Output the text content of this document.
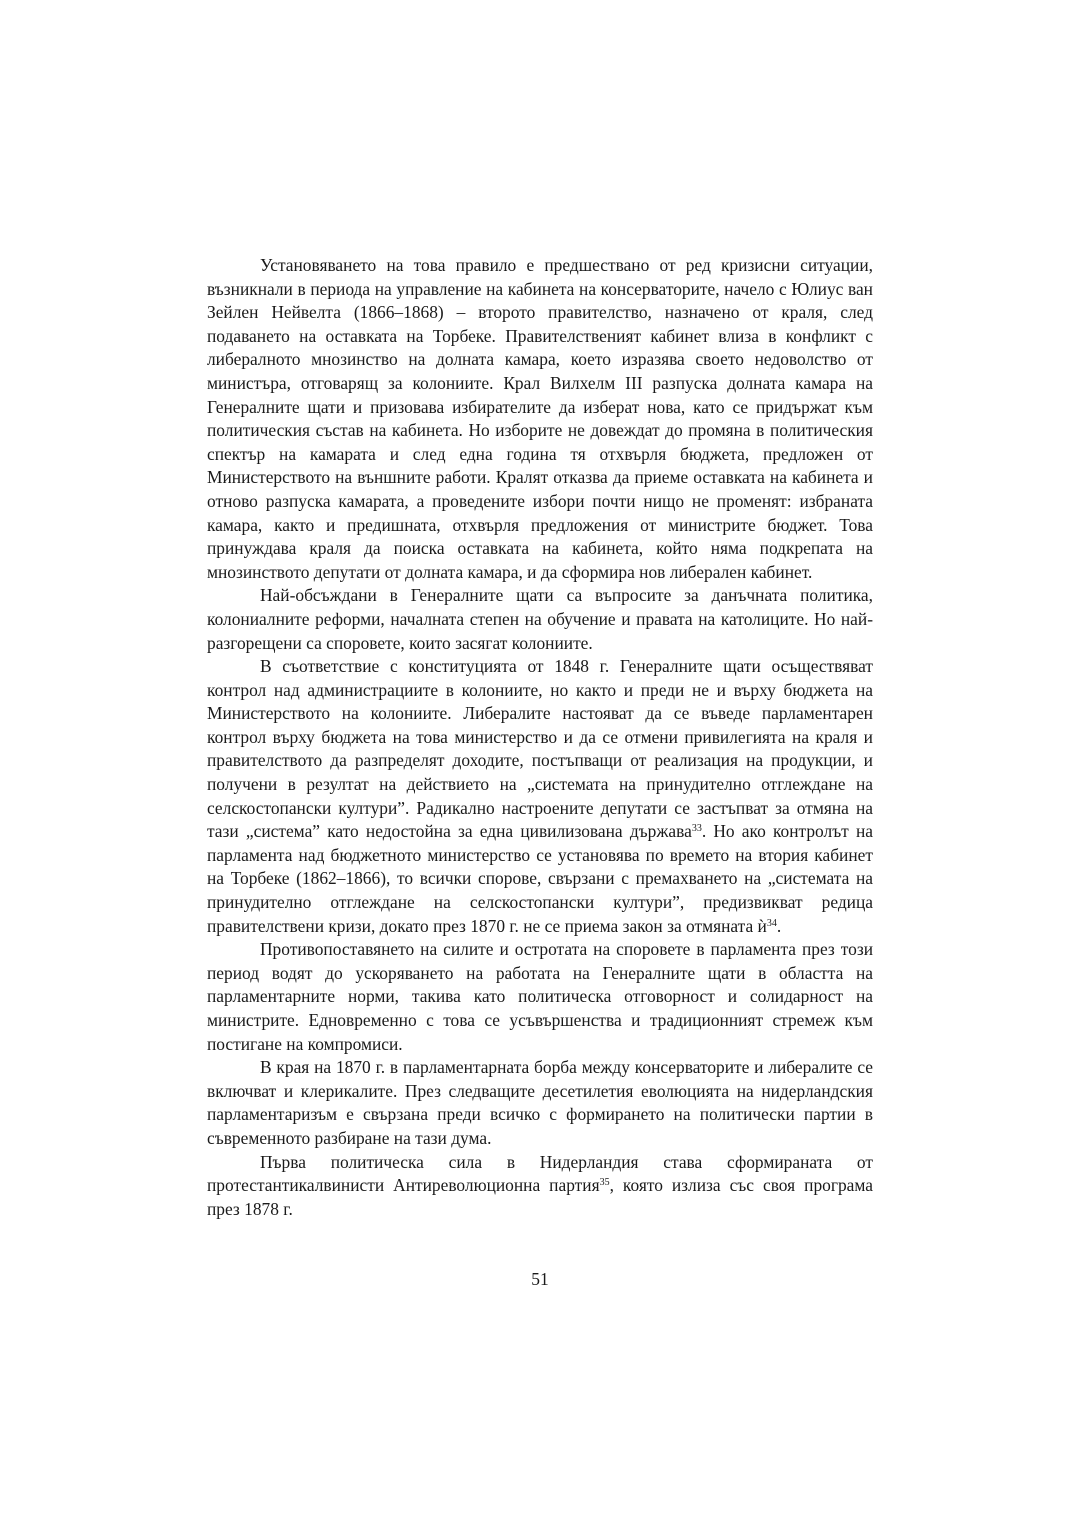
Установяването на това правило е предшествано от ред кризисни ситуации, възникнали в периода на управление на кабинета на консерваторите, начело с Юлиус ван Зейлен Нейвелта (1866–1868) – второто правителство, назначено от краля, след подаването на оставката на Торбеке. Правителственият кабинет влиза в конфликт с либералното мнозинство на долната камара, което изразява своето недоволство от министъра, отговарящ за колониите. Крал Вилхелм III разпуска долната камара на Генералните щати и призовава избирателите да изберат нова, като се придържат към политическия състав на кабинета. Но изборите не довеждат до промяна в политическия спектър на камарата и след една година тя отхвърля бюджета, предложен от Министерството на външните работи. Кралят отказва да приеме оставката на кабинета и отново разпуска камарата, а проведените избори почти нищо не променят: избраната камара, както и предишната, отхвърля предложения от министрите бюджет. Това принуждава краля да поиска оставката на кабинета, който няма подкрепата на мнозинството депутати от долната камара, и да сформира нов либерален кабинет.

Най-обсъждани в Генералните щати са въпросите за данъчната политика, колониалните реформи, началната степен на обучение и правата на католиците. Но най-разгорещени са споровете, които засягат колониите.

В съответствие с конституцията от 1848 г. Генералните щати осъществяват контрол над администрациите в колониите, но както и преди не и върху бюджета на Министерството на колониите. Либералите настояват да се въведе парламентарен контрол върху бюджета на това министерство и да се отмени привилегията на краля и правителството да разпределят доходите, постъпващи от реализация на продукции, и получени в резултат на действието на „системата на принудително отглеждане на селскостопански култури”. Радикално настроените депутати се застъпват за отмяна на тази „система” като недостойна за една цивилизована държава$^{33}$. Но ако контролът на парламента над бюджетното министерство се установява по времето на втория кабинет на Торбеке (1862–1866), то всички спорове, свързани с премахването на „системата на принудително отглеждане на селскостопански култури”, предизвикват редица правителствени кризи, докато през 1870 г. не се приема закон за отмяната $ѝ^{34}$.

Противопоставянето на силите и остротата на споровете в парламента през този период водят до ускоряването на работата на Генералните щати в областта на парламентарните норми, такива като политическа отговорност и солидарност на министрите. Едновременно с това се усъвършенства и традиционният стремеж към постигане на компромиси.

В края на 1870 г. в парламентарната борба между консерваторите и либералите се включват и клерикалите. През следващите десетилетия еволюцията на нидерландския парламентаризъм е свързана преди всичко с формирането на политически партии в съвременното разбиране на тази дума.

Първа политическа сила в Нидерландия става сформираната от протестантикалвинисти Антиреволюционна партия$^{35}$, която излиза със своя програма през 1878 г.

51
